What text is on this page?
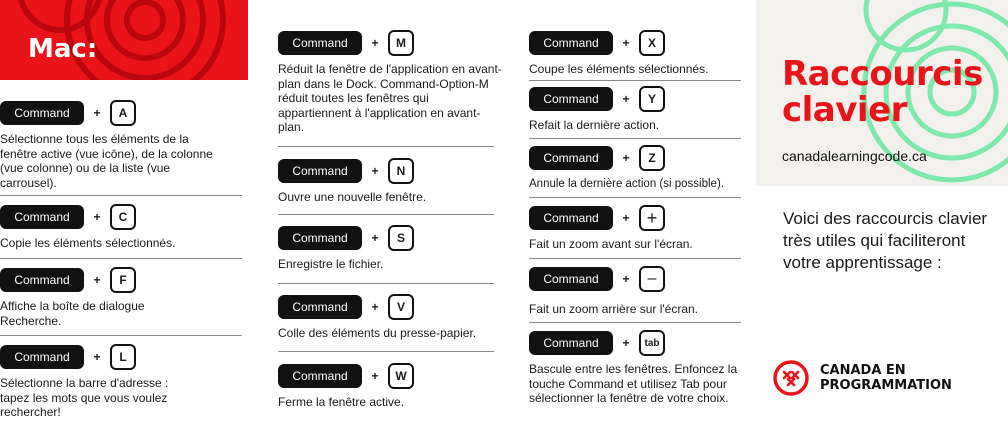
Mac:
Command	+	A
Sélectionne tous les éléments de la fenêtre active (vue icône), de la colonne (vue colonne) ou de la liste (vue carrousel).
Command	+	C
Copie les éléments sélectionnés.
Command	+	F
Affiche la boîte de dialogue Recherche.
Command	+	L
Sélectionne la barre d'adresse : tapez les mots que vous voulez rechercher!
Command	+	M
Réduit la fenêtre de l'application en avant-plan dans le Dock. Command-Option-M réduit toutes les fenêtres qui appartiennent à l'application en avant-plan.
Command	+	N
Ouvre une nouvelle fenêtre.
Command	+	S
Enregistre le fichier.
Command	+	V
Colle des éléments du presse-papier.
Command	+	W
Ferme la fenêtre active.
Command	+	X
Coupe les éléments sélectionnés.
Command	+	Y
Refait la dernière action.
Command	+	Z
Annule la dernière action (si possible).
Command	+ +
Fait un zoom avant sur l'écran.
Command	+	–
Fait un zoom arrière sur l'écran.
Command	+	tab
Bascule entre les fenêtres. Enfoncez la touche Command et utilisez Tab pour sélectionner la fenêtre de votre choix.
Raccourcis clavier
canadalearningcode.ca
Voici des raccourcis clavier très utiles qui faciliteront votre apprentissage :
CANADA EN PROGRAMMATION
